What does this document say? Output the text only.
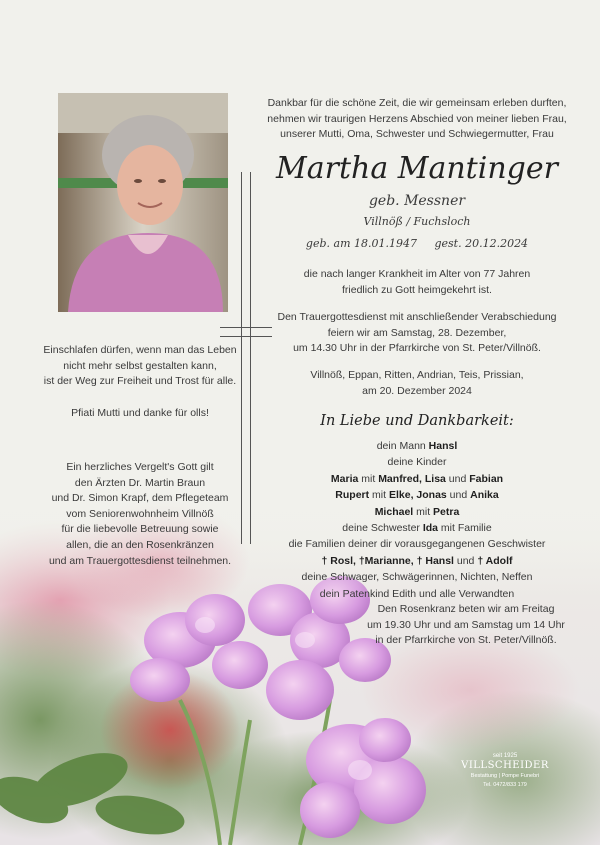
Dankbar für die schöne Zeit, die wir gemeinsam erleben durften,
nehmen wir traurigen Herzens Abschied von meiner lieben Frau,
unserer Mutti, Oma, Schwester und Schwiegermutter, Frau
Martha Mantinger
geb. Messner
Villnöß / Fuchsloch
geb. am 18.01.1947 gest. 20.12.2024
die nach langer Krankheit im Alter von 77 Jahren
friedlich zu Gott heimgekehrt ist.
Den Trauergottesdienst mit anschließender Verabschiedung
feiern wir am Samstag, 28. Dezember,
um 14.30 Uhr in der Pfarrkirche von St. Peter/Villnöß.
Villnöß, Eppan, Ritten, Andrian, Teis, Prissian,
am 20. Dezember 2024
In Liebe und Dankbarkeit:
dein Mann Hansl
deine Kinder
Maria mit Manfred, Lisa und Fabian
Rupert mit Elke, Jonas und Anika
Michael mit Petra
deine Schwester Ida mit Familie
die Familien deiner dir vorausgegangenen Geschwister
† Rosl, †Marianne, † Hansl und † Adolf
deine Schwager, Schwägerinnen, Nichten, Neffen
dein Patenkind Edith und alle Verwandten
Den Rosenkranz beten wir am Freitag
um 19.30 Uhr und am Samstag um 14 Uhr
in der Pfarrkirche von St. Peter/Villnöß.
Einschlafen dürfen, wenn man das Leben
nicht mehr selbst gestalten kann,
ist der Weg zur Freiheit und Trost für alle.
Pfiati Mutti und danke für olls!
Ein herzliches Vergelt's Gott gilt
den Ärzten Dr. Martin Braun
und Dr. Simon Krapf, dem Pflegeteam
vom Seniorenwohnheim Villnöß
für die liebevolle Betreuung sowie
allen, die an den Rosenkränzen
und am Trauergottesdienst teilnehmen.
seit 1925
VILLSCHEIDER
Bestattung | Pompe Funebri
Tel. 0472/833 179
